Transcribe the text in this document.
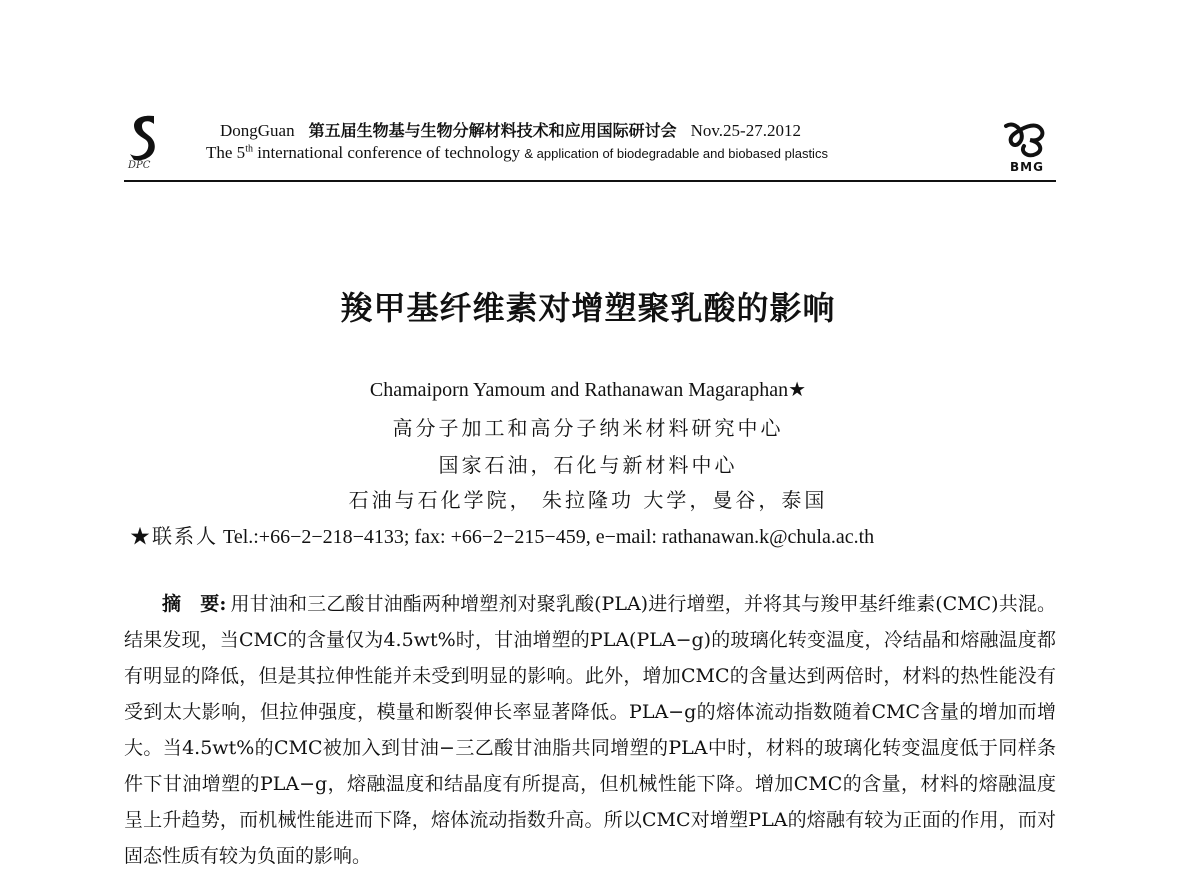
DPC
DongGuan 第五届生物基与生物分解材料技术和应用国际研讨会 Nov.25-27.2012
The 5th international conference of technology & application of biodegradable and biobased plastics
BMG
羧甲基纤维素对增塑聚乳酸的影响
Chamaiporn Yamoum and Rathanawan Magaraphan★
高分子加工和高分子纳米材料研究中心
国家石油，石化与新材料中心
石油与石化学院， 朱拉隆功 大学，曼谷，泰国
★联系人 Tel.:+66−2−218−4133; fax: +66−2−215−459, e−mail: rathanawan.k@chula.ac.th
摘　要: 用甘油和三乙酸甘油酯两种增塑剂对聚乳酸(PLA)进行增塑，并将其与羧甲基纤维素(CMC)共混。结果发现，当CMC的含量仅为4.5wt%时，甘油增塑的PLA(PLA−g)的玻璃化转变温度，冷结晶和熔融温度都有明显的降低，但是其拉伸性能并未受到明显的影响。此外，增加CMC的含量达到两倍时，材料的热性能没有受到太大影响，但拉伸强度，模量和断裂伸长率显著降低。PLA−g的熔体流动指数随着CMC含量的增加而增大。当4.5wt%的CMC被加入到甘油−三乙酸甘油脂共同增塑的PLA中时，材料的玻璃化转变温度低于同样条件下甘油增塑的PLA−g，熔融温度和结晶度有所提高，但机械性能下降。增加CMC的含量，材料的熔融温度呈上升趋势，而机械性能进而下降，熔体流动指数升高。所以CMC对增塑PLA的熔融有较为正面的作用，而对固态性质有较为负面的影响。
